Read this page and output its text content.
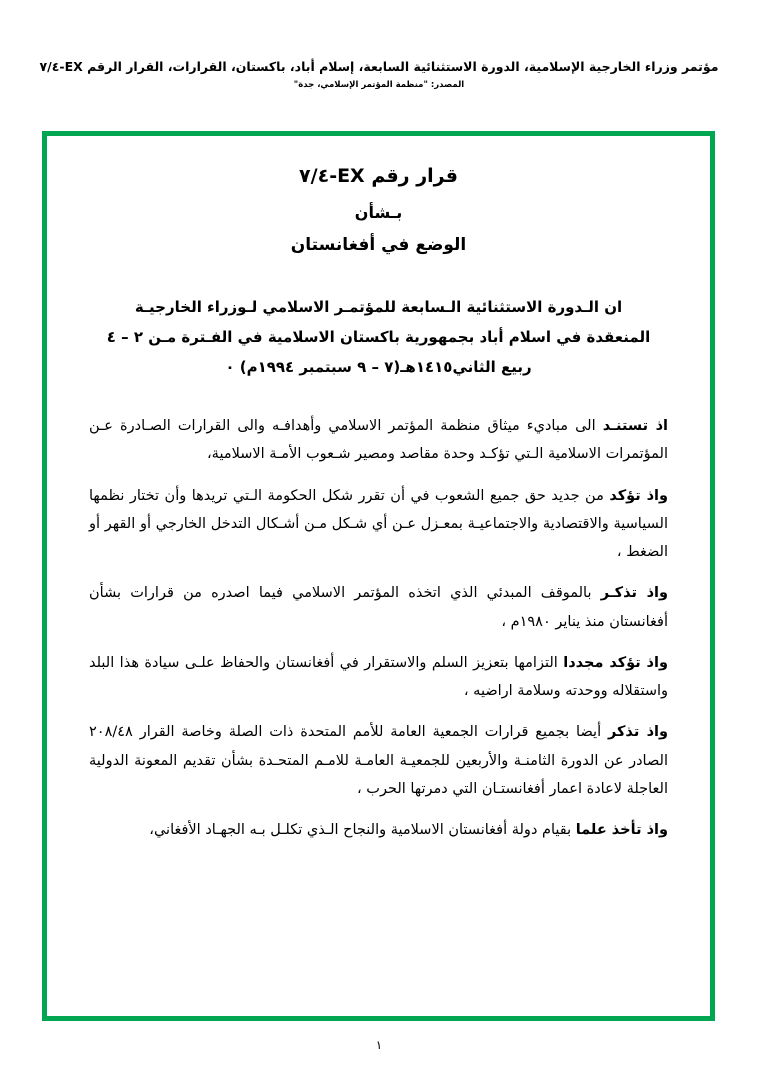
مؤتمر وزراء الخارجية الإسلامية، الدورة الاستثنائية السابعة، إسلام أباد، باكستان، القرارات، القرار الرقم EX-٧/٤
المصدر: "منظمة المؤتمر الإسلامي، جدة"
قرار رقم EX-٧/٤
بـشأن
الوضع في أفغانستان

ان الـدورة الاستثنائية الـسابعة للمؤتمـر الاسلامي لـوزراء الخارجيـة

المنعقدة في اسلام أباد بجمهورية باكستان الاسلامية في الفـترة مـن ٢ – ٤

ربيع الثاني١٤١٥هـ(٧ – ٩ سبتمبر ١٩٩٤م) ٠

اذ تستنـد الى مباديء ميثاق منظمة المؤتمر الاسلامي وأهدافـه والى القرارات الصـادرة عـن المؤتمرات الاسلامية الـتي تؤكـد وحدة مقاصد ومصير شـعوب الأمـة الاسلامية،

واذ تؤكد من جديد حق جميع الشعوب في أن تقرر شكل الحكومة الـتي تريدها وأن تختار نظمها السياسية والاقتصادية والاجتماعيـة بمعـزل عـن أي شـكل مـن أشـكال التدخل الخارجي أو القهر أو الضغط ،

واذ تذكـر بالموقف المبدئي الذي اتخذه المؤتمر الاسلامي فيما اصدره من قرارات بشأن أفغانستان منذ يناير ١٩٨٠م ،

واذ تؤكد مجددا التزامها بتعزيز السلم والاستقرار في أفغانستان والحفاظ علـى سيادة هذا البلد واستقلاله ووحدته وسلامة اراضيه ،

واذ تذكر أيضا بجميع قرارات الجمعية العامة للأمم المتحدة ذات الصلة وخاصة القرار ٢٠٨/٤٨ الصادر عن الدورة الثامنـة والأربعين للجمعيـة العامـة للامـم المتحـدة بشأن تقديم المعونة الدولية العاجلة لاعادة اعمار أفغانستـان التي دمرتها الحرب ،

واذ تأخذ علما بقيام دولة أفغانستان الاسلامية والنجاح الـذي تكلـل بـه الجهـاد الأفغاني،

١
